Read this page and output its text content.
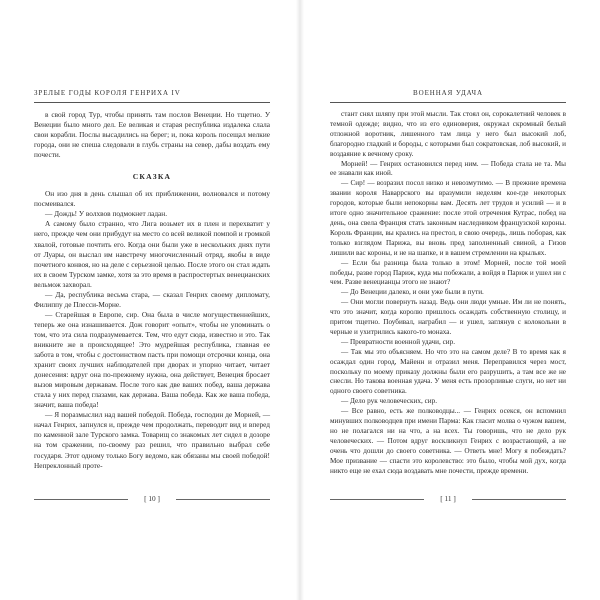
ЗРЕЛЫЕ ГОДЫ КОРОЛЯ ГЕНРИХА IV

в свой город Тур, чтобы принять там послов Венеции. Но тщетно. У Венеции было много дел. Ее великая и старая республика издалека слала свои корабли. Послы высадились на берег; и, пока король посещал мелкие города, они не спеша следовали в глубь страны на север, дабы воздать ему почести.

СКАЗКА

Он изо дня в день слышал об их приближении, волновался и потому посмеивался.

— Дождь! У волхвов подмокнет ладан.

А самому было странно, что Лига возьмет их в плен и перехватит у него, прежде чем они прибудут на место со всей великой помпой и громкой хвалой, готовые почтить его. Когда они были уже в нескольких днях пути от Луары, он выслал им навстречу многочисленный отряд, якобы в виде почетного конвоя, но на деле с серьезной целью. После этого он стал ждать их в своем Турском замке, хотя за это время в распростертых венецианских вельмож захворал.

— Да, республика весьма стара, — сказал Генрих своему дипломату, Филиппу де Плесси-Морне.

— Старейшая в Европе, сир. Она была в числе могущественнейших, теперь же она изнашивается. Дож говорит «опыт», чтобы не упоминать о том, что эта сила подразумевается. Тем, что едут сюда, известно и это. Так вникните же в происходящее! Это мудрейшая республика, главная ее забота в том, чтобы с достоинством пасть при помощи отсрочки конца, она хранит своих лучших наблюдателей при дворах и упорно читает, читает донесения: вдруг она по-прежнему нужна, она действует, Венеция бросает вызов мировым державам. После того как две ваших побед, ваша держава стала у них перед глазами, как держава. Ваша победа. Как же ваша победа, значит, ваша победа!

— Я поразмыслил над вашей победой. Победа, господин де Морней, — начал Генрих, запнулся и, прежде чем продолжать, переводит вид и вперед по каменной зале Турского замка. Товарищ со знакомых лет сидел в дозоре на том сражении, по-своему раз решил, что правильно выбрал себе государя. Этот одному только Богу ведомо, как обязаны мы своей победой! Непреклонный проте-

[ 10 ]
ВОЕННАЯ УДАЧА

стант снял шляпу при этой мысли. Так стоял он, сорокалетний человек в темной одежде; видно, что из его единоверия, окружал скромный белый отложной воротник, лишенного там лица у него был высокий лоб, благородно гладкий и бороды, с которыми был сократовская, лоб высокий, и воздаяние к вечному сроку.

Морней! — Генрих остановился перед ним. — Победа стала не та. Мы ее знавали как иной.

— Сир! — возразил посол низко и невозмутимо. — В прежние времена звании короля Наваррского вы вразумили неделям кое-где некоторых городов, которые были непокорны вам. Десять лет трудов и усилий — и в итоге одно значительное сражение: после этой отречения Кутрас, побед на день, она свела Франция стать законным наследником французской короны. Король Франции, вы крались на престол, в свою очередь, лишь поборая, как только взглядом Парижа, вы вновь пред заполненный свиной, а Гизов лишили вас короны, и не на шапке, и в вашем стремлении на крыльях.

— Если бы разница была только в этом! Морней, после той моей победы, разве город Париж, куда мы побежали, а войдя в Париж и ушел ни с чем. Разве венецианцы этого не знают?

— До Венеции далеко, и они уже были в пути.

— Они могли повернуть назад. Ведь они люди умные. Им ли не понять, что это значит, когда королю пришлось осаждать собственную столицу, и притом тщетно. Поубивал, награбил — и ушел, заглянув с колокольни в черные и ухитрились какого-то монаха.

— Превратности военной удачи, сир.

— Так мы это объясняем. Но что это на самом деле? В то время как я осаждал один город, Майенн и отразил меня. Переправился через мост, поскольку по моему приказу должны были его разрушить, а там все же не снесли. Но такова военная удача. У меня есть прозорливые слуги, но нет ни одного своего советника.

— Дело рук человеческих, сир.

— Все равно, есть же полководцы... — Генрих осекся, он вспомнил минувших полководцев при имени Парма: Как гласит молва о чужом вашем, но не полагался ни на что, а на всех. Ты говоришь, что не дело рук человеческих. — Потом вдруг воскликнул Генрих с возрастающей, а не очень что дошли до своего советника. — Ответь мне! Могу я побеждать? Мое призвание — спасти это королевство: это было, чтобы мой дух, когда никто еще не ехал сюда воздавать мне почести, прежде времени.

[ 11 ]
